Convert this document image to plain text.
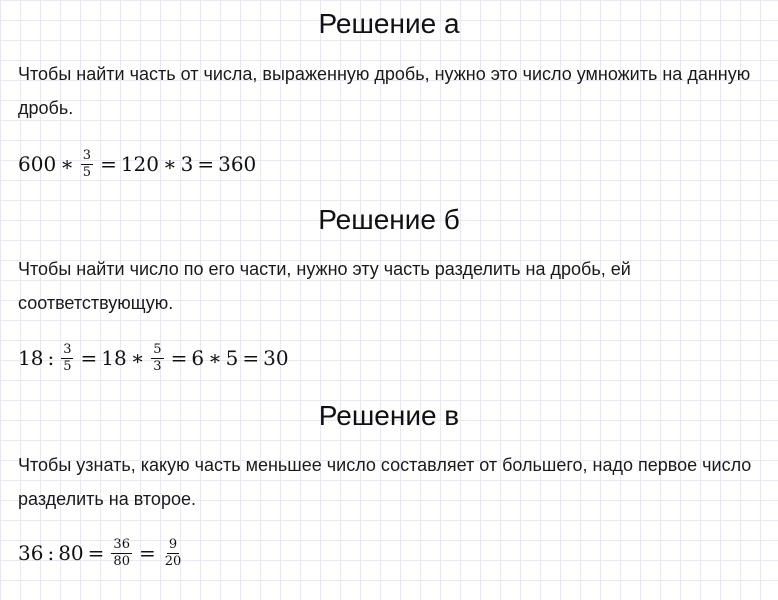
Решение а

Чтобы найти часть от числа, выраженную дробь, нужно это число умножить на данную дробь.

600 ∗ $\frac{3}{5} = 120$ ∗ 3 = 360
Решение б

Чтобы найти число по его части, нужно эту часть разделить на дробь, ей соответствующую.

18 : $\frac{3}{5} = 18$ ∗ $\frac{5}{3} = 6$ ∗ 5 = 30
Решение в

Чтобы узнать, какую часть меньшее число составляет от большего, надо первое число разделить на второе.

36 : $80 = \frac{36}{80} = \frac{9}{20}$
